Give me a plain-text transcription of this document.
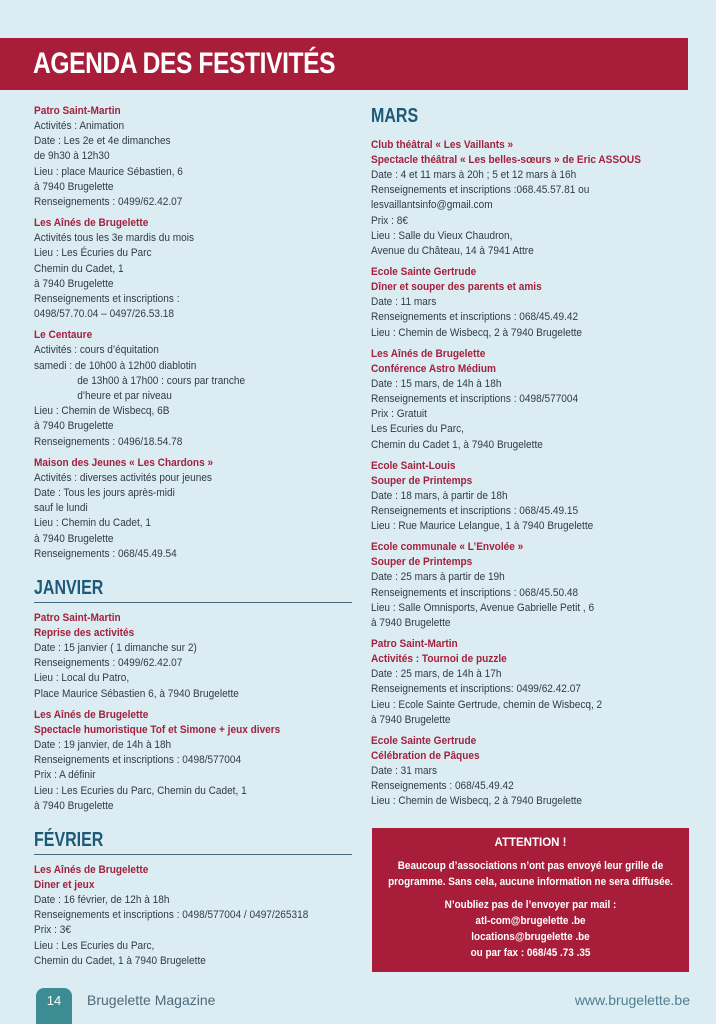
AGENDA DES FESTIVITÉS
Patro Saint-Martin
Activités : Animation
Date : Les 2e et 4e dimanches
de 9h30 à 12h30
Lieu : place Maurice Sébastien, 6
à 7940 Brugelette
Renseignements : 0499/62.42.07
Les Aînés de Brugelette
Activités tous les 3e mardis du mois
Lieu : Les Écuries du Parc
Chemin du Cadet, 1
à 7940 Brugelette
Renseignements et inscriptions :
0498/57.70.04 – 0497/26.53.18
Le Centaure
Activités : cours d’équitation
samedi : de 10h00 à 12h00 diablotin
de 13h00 à 17h00 : cours par tranche
d’heure et par niveau
Lieu : Chemin de Wisbecq, 6B
à 7940 Brugelette
Renseignements : 0496/18.54.78
Maison des Jeunes « Les Chardons »
Activités : diverses activités pour jeunes
Date : Tous les jours après-midi
sauf le lundi
Lieu : Chemin du Cadet, 1
à 7940 Brugelette
Renseignements : 068/45.49.54
JANVIER
Patro Saint-Martin
Reprise des activités
Date : 15 janvier ( 1 dimanche sur 2)
Renseignements : 0499/62.42.07
Lieu : Local du Patro,
Place Maurice Sébastien 6, à 7940 Brugelette
Les Aînés de Brugelette
Spectacle humoristique Tof et Simone + jeux divers
Date : 19 janvier, de 14h à 18h
Renseignements et inscriptions : 0498/577004
Prix : A définir
Lieu : Les Ecuries du Parc, Chemin du Cadet, 1
à 7940 Brugelette
FÉVRIER
Les Aînés de Brugelette
Diner et jeux
Date : 16 février, de 12h à 18h
Renseignements et inscriptions : 0498/577004 / 0497/265318
Prix : 3€
Lieu : Les Ecuries du Parc,
Chemin du Cadet, 1 à 7940 Brugelette
MARS
Club théâtral « Les Vaillants »
Spectacle théâtral « Les belles-sœurs » de Eric ASSOUS
Date : 4 et 11 mars à 20h ; 5 et 12 mars à 16h
Renseignements et inscriptions :068.45.57.81 ou
lesvaillantsinfo@gmail.com
Prix : 8€
Lieu : Salle du Vieux Chaudron,
Avenue du Château, 14 à 7941 Attre
Ecole Sainte Gertrude
Dîner et souper des parents et amis
Date : 11 mars
Renseignements et inscriptions : 068/45.49.42
Lieu : Chemin de Wisbecq, 2 à 7940 Brugelette
Les Aînés de Brugelette
Conférence Astro Médium
Date : 15 mars, de 14h à 18h
Renseignements et inscriptions : 0498/577004
Prix : Gratuit
Les Ecuries du Parc,
Chemin du Cadet 1, à 7940 Brugelette
Ecole Saint-Louis
Souper de Printemps
Date : 18 mars, à partir de 18h
Renseignements et inscriptions : 068/45.49.15
Lieu : Rue Maurice Lelangue, 1 à 7940 Brugelette
Ecole communale « L’Envolée »
Souper de Printemps
Date : 25 mars à partir de 19h
Renseignements et inscriptions : 068/45.50.48
Lieu : Salle Omnisports, Avenue Gabrielle Petit , 6
à 7940 Brugelette
Patro Saint-Martin
Activités : Tournoi de puzzle
Date : 25 mars, de 14h à 17h
Renseignements et inscriptions: 0499/62.42.07
Lieu : Ecole Sainte Gertrude, chemin de Wisbecq, 2
à 7940 Brugelette
Ecole Sainte Gertrude
Célébration de Pâques
Date : 31 mars
Renseignements : 068/45.49.42
Lieu : Chemin de Wisbecq, 2 à 7940 Brugelette
ATTENTION !
Beaucoup d’associations n’ont pas envoyé leur grille de
programme. Sans cela, aucune information ne sera diffusée.
N’oubliez pas de l’envoyer par mail :
atl-com@brugelette .be
locations@brugelette .be
ou par fax : 068/45 .73 .35
14	Brugelette Magazine	www.brugelette.be
